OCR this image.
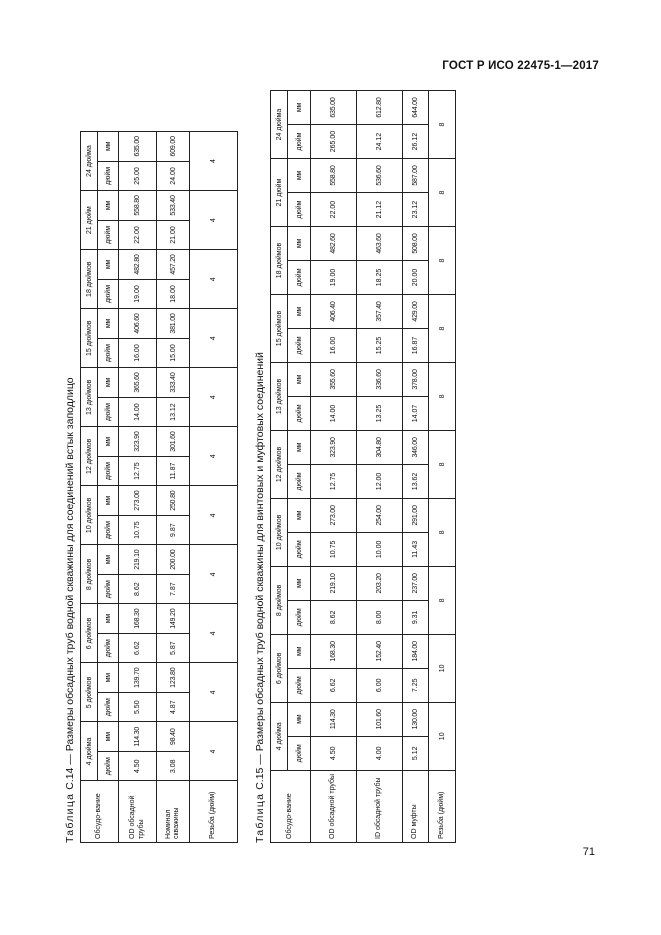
ГОСТ Р ИСО 22475-1—2017
Таблица С.14 — Размеры обсадных труб водной скважины для соединений встык заподлицо
Обсудо-вание	4 дюйма		5 дюймов		6 дюймов		8 дюймов		10 дюймов		12 дюймов		13 дюймов		15 дюймов		18 дюймов		21 дюйм		24 дюйма	
	дюйм	мм	дюйм	мм	дюйм	мм	дюйм	мм	дюйм	мм	дюйм	мм	дюйм	мм	дюйм	мм	дюйм	мм	дюйм	мм	дюйм	мм
OD обсадной трубы	4.50	114.30	5.50	139.70	6.62	168.30	8.62	219.10	10.75	273.00	12.75	323.90	14.00	365.60	16.00	406.60	19.00	482.80	22.00	558.80	25.00	635.00
Номинал скважины	3.08	98.40	4.87	123.80	5.87	149.20	7.87	200.00	9.87	250.80	11.87	301.60	13.12	333.40	15.00	381.00	18.00	457.20	21.00	533.40	24.00	609.00
Резьба (дюйм)	4		4		4		4		4		4		4		4		4		4		4	
Таблица С.15 — Размеры обсадных труб водной скважины для винтовых и муфтовых соединений
Обсудо-вание	4 дюйма		6 дюймов		8 дюймов		10 дюймов		12 дюймов		13 дюймов		15 дюймов		18 дюймов		21 дюйм		24 дюйма	
	дюйм	мм	дюйм	мм	дюйм	мм	дюйм	мм	дюйм	мм	дюйм	мм	дюйм	мм	дюйм	мм	дюйм	мм	дюйм	мм
OD обсадной трубы	4.50	114.30	6.62	168.30	8.62	219.10	10.75	273.00	12.75	323.90	14.00	355.60	16.00	406.40	19.00	482.60	22.00	558.80	265.00	635.00
ID обсадной трубы	4.00	101.60	6.00	152.40	8.00	203.20	10.00	254.00	12.00	304.80	13.25	336.60	15.25	357.40	18.25	463.60	21.12	536.60	24.12	612.80
OD муфты	5.12	130.00	7.25	184.00	9.31	237.00	11.43	291.00	13.62	346.00	14.07	378.00	16.87	429.00	20.00	508.00	23.12	587.00	26.12	644.00
Резьба (дюйм)	10		10		8		8		8		8		8		8		8		8	
71
